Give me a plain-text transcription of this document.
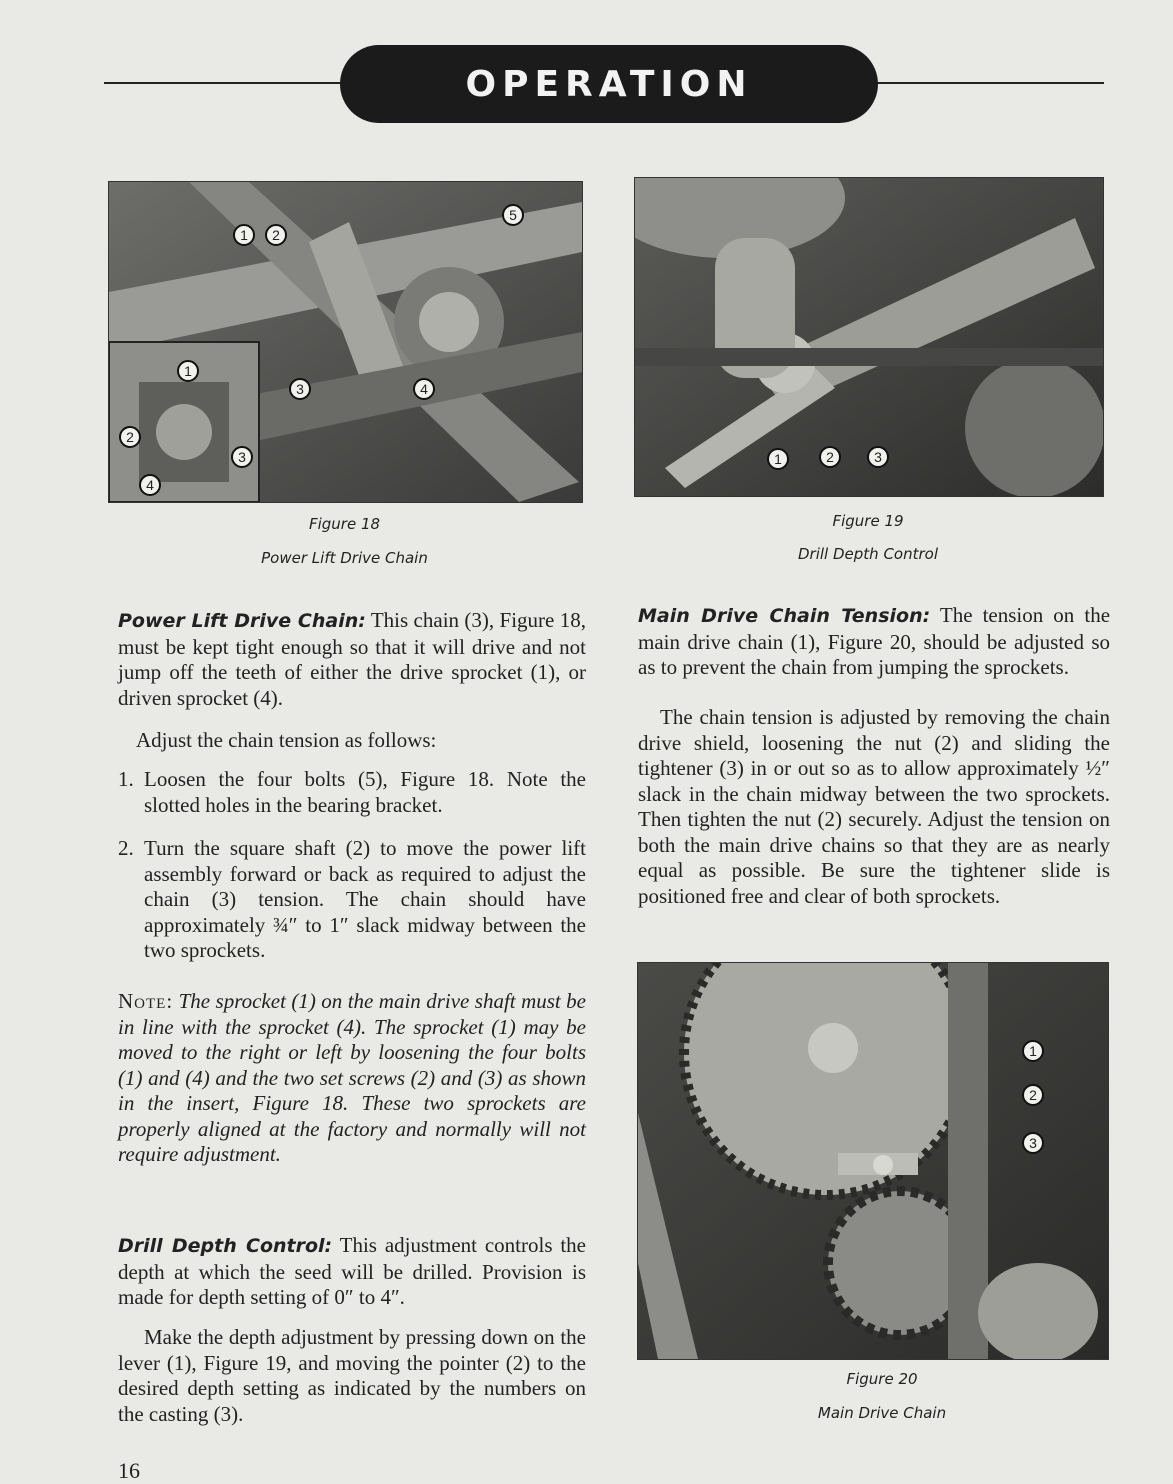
OPERATION
1	2
5
3	4
1
2
3
4
Figure 18
Power Lift Drive Chain
1	2	3
Figure 19
Drill Depth Control
Power Lift Drive Chain: This chain (3), Figure 18, must be kept tight enough so that it will drive and not jump off the teeth of either the drive sprocket (1), or driven sprocket (4).
Adjust the chain tension as follows:
1. Loosen the four bolts (5), Figure 18. Note the slotted holes in the bearing bracket.
2. Turn the square shaft (2) to move the power lift assembly forward or back as required to adjust the chain (3) tension. The chain should have approximately ¾″ to 1″ slack midway between the two sprockets.
Note: The sprocket (1) on the main drive shaft must be in line with the sprocket (4). The sprocket (1) may be moved to the right or left by loosening the four bolts (1) and (4) and the two set screws (2) and (3) as shown in the insert, Figure 18. These two sprockets are properly aligned at the factory and normally will not require adjustment.
Drill Depth Control: This adjustment controls the depth at which the seed will be drilled. Provision is made for depth setting of 0″ to 4″.
Make the depth adjustment by pressing down on the lever (1), Figure 19, and moving the pointer (2) to the desired depth setting as indicated by the numbers on the casting (3).
Main Drive Chain Tension: The tension on the main drive chain (1), Figure 20, should be adjusted so as to prevent the chain from jumping the sprockets.
The chain tension is adjusted by removing the chain drive shield, loosening the nut (2) and sliding the tightener (3) in or out so as to allow approximately ½″ slack in the chain midway between the two sprockets. Then tighten the nut (2) securely. Adjust the tension on both the main drive chains so that they are as nearly equal as possible. Be sure the tightener slide is positioned free and clear of both sprockets.
1
2
3
Figure 20
Main Drive Chain
16
